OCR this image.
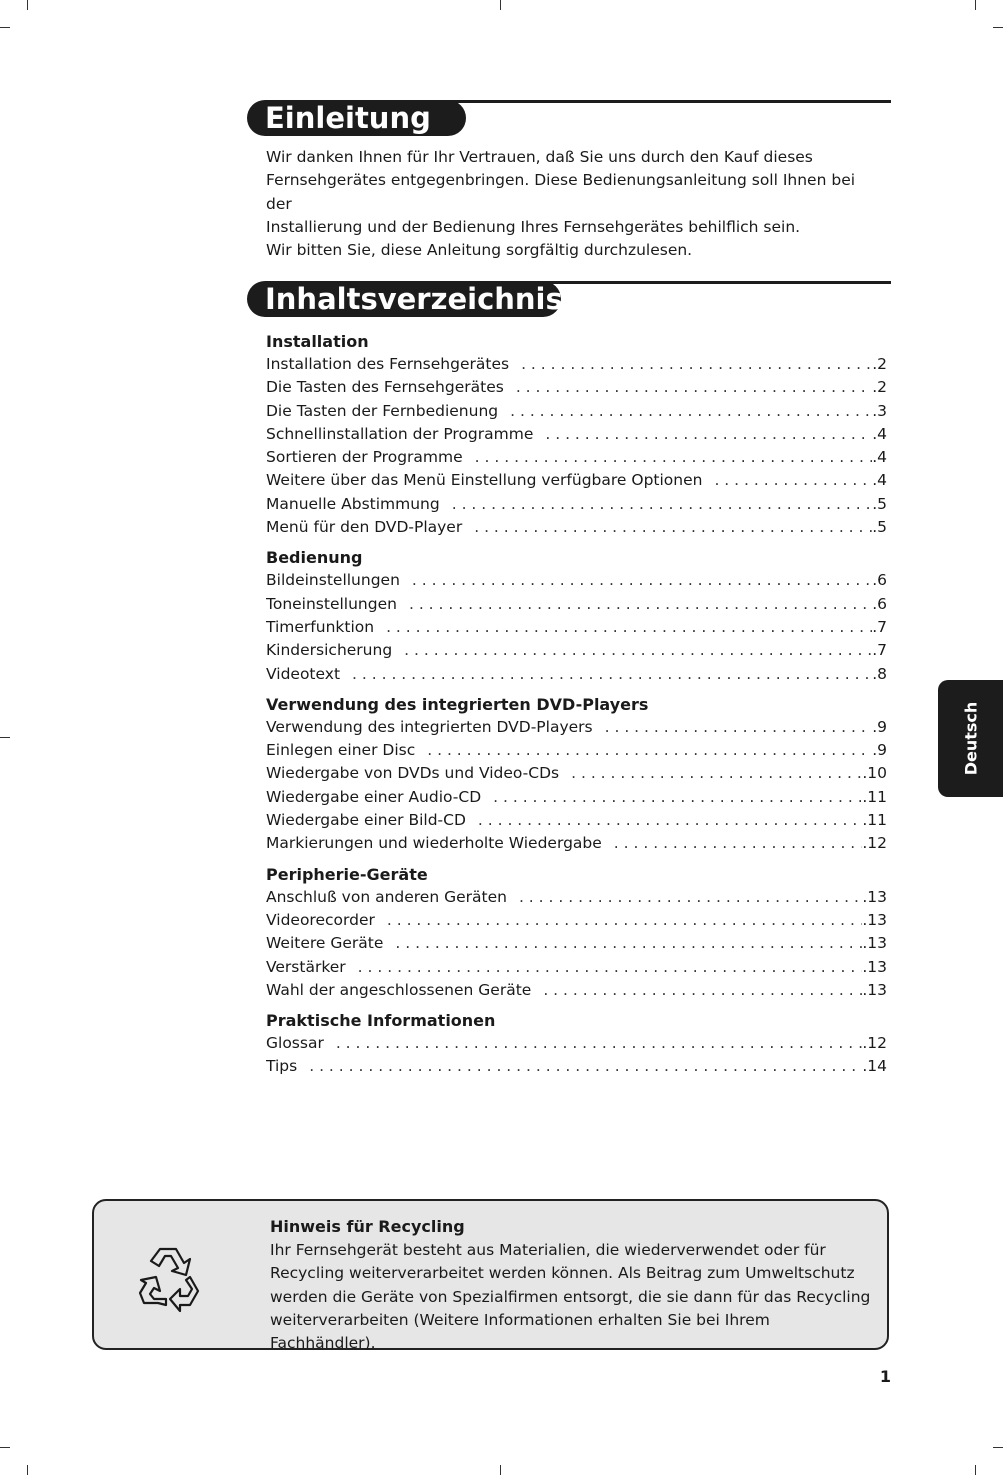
Einleitung
Wir danken Ihnen für Ihr Vertrauen, daß Sie uns durch den Kauf dieses
Fernsehgerätes entgegenbringen. Diese Bedienungsanleitung soll Ihnen bei der
Installierung und der Bedienung Ihres Fernsehgerätes behilflich sein.
Wir bitten Sie, diese Anleitung sorgfältig durchzulesen.
Inhaltsverzeichnis
Installation
Installation des Fernsehgerätes . . .	.2
Die Tasten des Fernsehgerätes . . .	.2
Die Tasten der Fernbedienung . . .	.3
Schnellinstallation der Programme . . .	.4
Sortieren der Programme . . .	.4
Weitere über das Menü Einstellung verfügbare Optionen . . .	.4
Manuelle Abstimmung . . .	.5
Menü für den DVD-Player . . .	.5
Bedienung
Bildeinstellungen . . .	.6
Toneinstellungen . . .	.6
Timerfunktion . . .	.7
Kindersicherung . . .	.7
Videotext . . .	.8
Verwendung des integrierten DVD-Players
Verwendung des integrierten DVD-Players . . .	.9
Einlegen einer Disc . . .	.9
Wiedergabe von DVDs und Video-CDs . . .	.10
Wiedergabe einer Audio-CD . . .	.11
Wiedergabe einer Bild-CD . . .	.11
Markierungen und wiederholte Wiedergabe . . .	.12
Peripherie-Geräte
Anschluß von anderen Geräten . . .	.13
Videorecorder . . .	.13
Weitere Geräte . . .	.13
Verstärker . . .	.13
Wahl der angeschlossenen Geräte . . .	.13
Praktische Informationen
Glossar . . .	.12
Tips . . .	.14
Deutsch
Hinweis für Recycling
Ihr Fernsehgerät besteht aus Materialien, die wiederverwendet oder für
Recycling weiterverarbeitet werden können. Als Beitrag zum Umweltschutz
werden die Geräte von Spezialfirmen entsorgt, die sie dann für das Recycling
weiterverarbeiten (Weitere Informationen erhalten Sie bei Ihrem Fachhändler).
1
